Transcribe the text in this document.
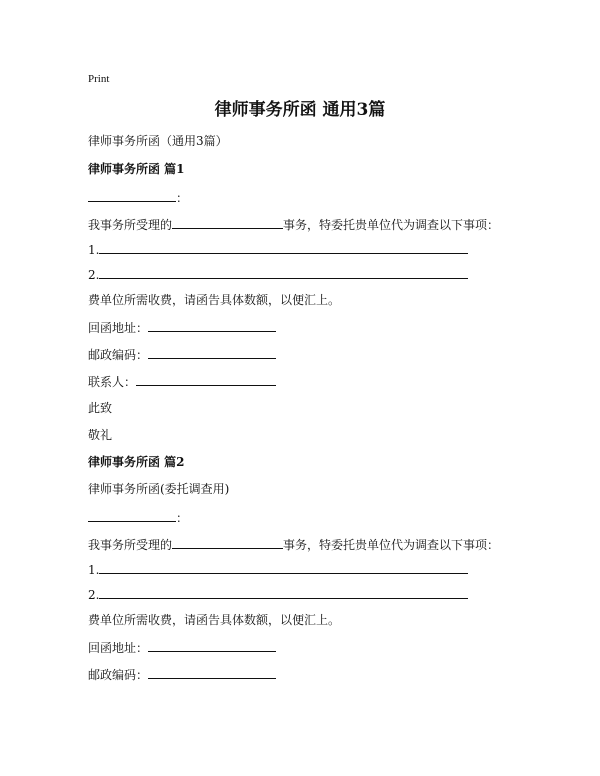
Print
律师事务所函 通用3篇
律师事务所函（通用3篇）
律师事务所函 篇1
：
我事务所受理的	事务，特委托贵单位代为调查以下事项：
1.
2.
费单位所需收费，请函告具体数额，以便汇上。
回函地址：
邮政编码：
联系人：
此致
敬礼
律师事务所函 篇2
律师事务所函(委托调查用)
：
我事务所受理的	事务，特委托贵单位代为调查以下事项：
1.
2.
费单位所需收费，请函告具体数额，以便汇上。
回函地址：
邮政编码：
